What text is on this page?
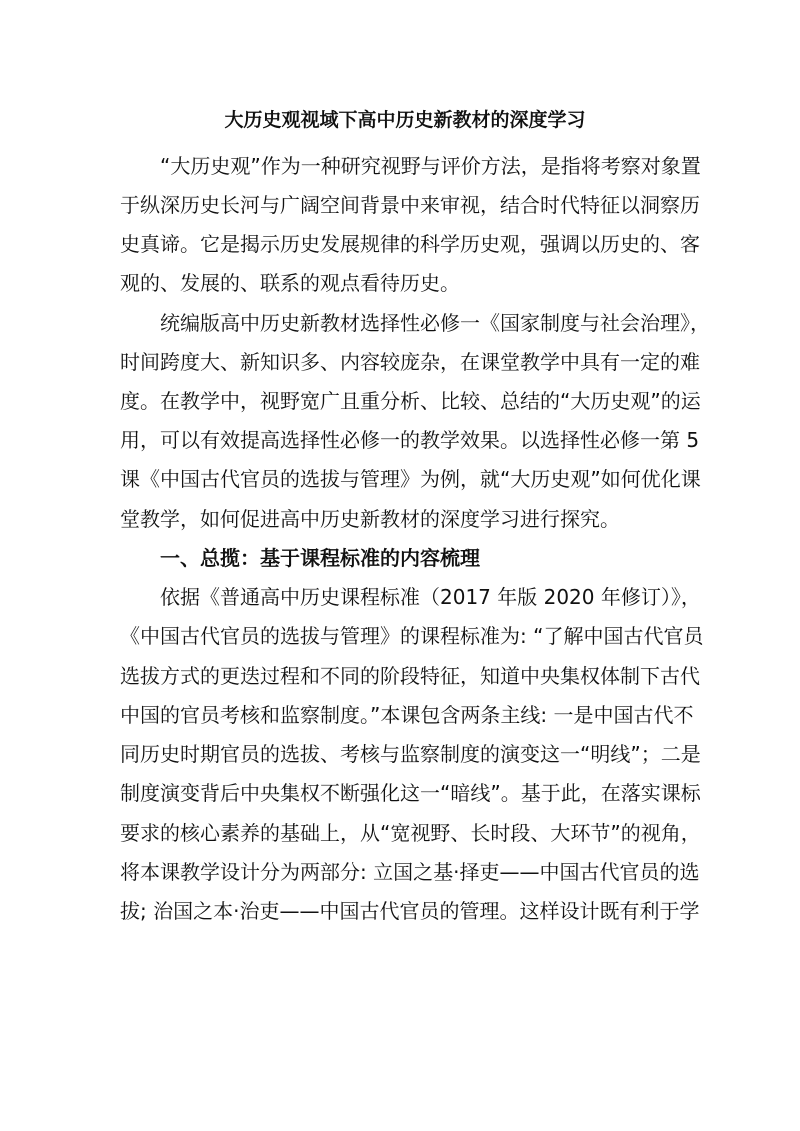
大历史观视域下高中历史新教材的深度学习
“大历史观”作为一种研究视野与评价方法，是指将考察对象置
于纵深历史长河与广阔空间背景中来审视，结合时代特征以洞察历
史真谛。它是揭示历史发展规律的科学历史观，强调以历史的、客
观的、发展的、联系的观点看待历史。
统编版高中历史新教材选择性必修一《国家制度与社会治理》，
时间跨度大、新知识多、内容较庞杂，在课堂教学中具有一定的难
度。在教学中，视野宽广且重分析、比较、总结的“大历史观”的运
用，可以有效提高选择性必修一的教学效果。以选择性必修一第 5
课《中国古代官员的选拔与管理》为例，就“大历史观”如何优化课
堂教学，如何促进高中历史新教材的深度学习进行探究。
一、总揽：基于课程标准的内容梳理
依据《普通高中历史课程标准（2017 年版 2020 年修订）》，
《中国古代官员的选拔与管理》的课程标准为: “了解中国古代官员
选拔方式的更迭过程和不同的阶段特征，知道中央集权体制下古代
中国的官员考核和监察制度。”本课包含两条主线: 一是中国古代不
同历史时期官员的选拔、考核与监察制度的演变这一“明线”；二是
制度演变背后中央集权不断强化这一“暗线”。基于此，在落实课标
要求的核心素养的基础上，从“宽视野、长时段、大环节”的视角，
将本课教学设计分为两部分: 立国之基·择吏——中国古代官员的选
拔; 治国之本·治吏——中国古代官员的管理。这样设计既有利于学
